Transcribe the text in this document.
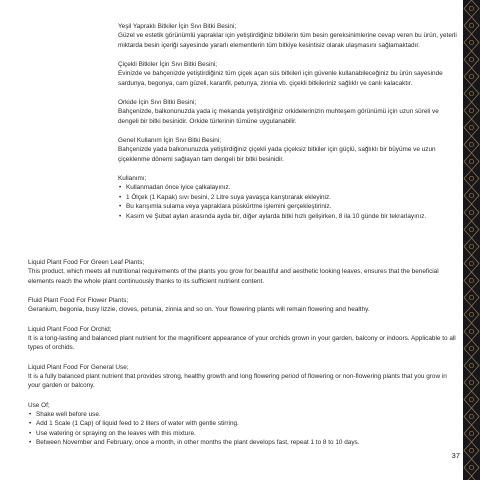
Yeşil Yapraklı Bitkiler İçin Sıvı Bitki Besini;

Güzel ve estetik görünümlü yapraklar için yetiştirdiğiniz bitkilerin tüm besin gereksinimlerine cevap veren bu ürün, yeterli miktarda besin içeriği sayesinde yararlı elementlerin tüm bitkiye kesintisiz olarak ulaşmasını sağlamaktadır.

Çiçekli Bitkiler İçin Sıvı Bitki Besini;

Evinizde ve bahçenizde yetiştirdiğiniz tüm çiçek açan süs bitkileri için güvenle kullanabileceğiniz bu ürün sayesinde sardunya, begonya, cam güzeli, karanfil, petunya, zinnia vb. çiçekli bitkileriniz sağlıklı ve canlı kalacaktır.

Orkide İçin Sıvı Bitki Besini;

Bahçenizde, balkonunuzda yada iç mekanda yetiştirdiğiniz orkidelerinizin muhteşem görünümü için uzun süreli ve dengeli bir bitki besinidir. Orkide türlerinin tümüne uygulanabilir.

Genel Kullanım İçin Sıvı Bitki Besini;

Bahçenizde yada balkonunuzda yetiştirdiğiniz çiçekli yada çiçeksiz bitkiler için güçlü, sağlıklı bir büyüme ve uzun çiçeklenme dönemi sağlayan tam dengeli bir bitki besinidir.

Kullanımı;

• Kullanmadan önce iyice çalkalayınız.
• 1 Ölçek (1 Kapak) sıvı besini, 2 Litre suya yavaşça karıştırarak ekleyiniz.
• Bu karışımla sulama veya yapraklara püskürtme işlemini gerçekleştiriniz.
• Kasım ve Şubat ayları arasında ayda bir, diğer aylarda bitki hızlı gelişirken, 8 ila 10 günde bir tekrarlayınız.

Liquid Plant Food For Green Leaf Plants;

This product, which meets all nutritional requirements of the plants you grow for beautiful and aesthetic looking leaves, ensures that the beneficial elements reach the whole plant continuously thanks to its sufficient nutrient content.

Fluid Plant Food For Flower Plants;

Geranium, begonia, busy lizzie, cloves, petunia, zinnia and so on. Your flowering plants will remain flowering and healthy.

Liquid Plant Food For Orchid;

It is a long-lasting and balanced plant nutrient for the magnificent appearance of your orchids grown in your garden, balcony or indoors. Applicable to all types of orchids.

Liquid Plant Food For General Use;

It is a fully balanced plant nutrient that provides strong, healthy growth and long flowering period of flowering or non-flowering plants that you grow in your garden or balcony.

Use Of;

• Shake well before use.
• Add 1 Scale (1 Cap) of liquid feed to 2 liters of water with gentle stirring.
• Use watering or spraying on the leaves with this mixture.
• Between November and February, once a month, in other months the plant develops fast, repeat 1 to 8 to 10 days.
37
